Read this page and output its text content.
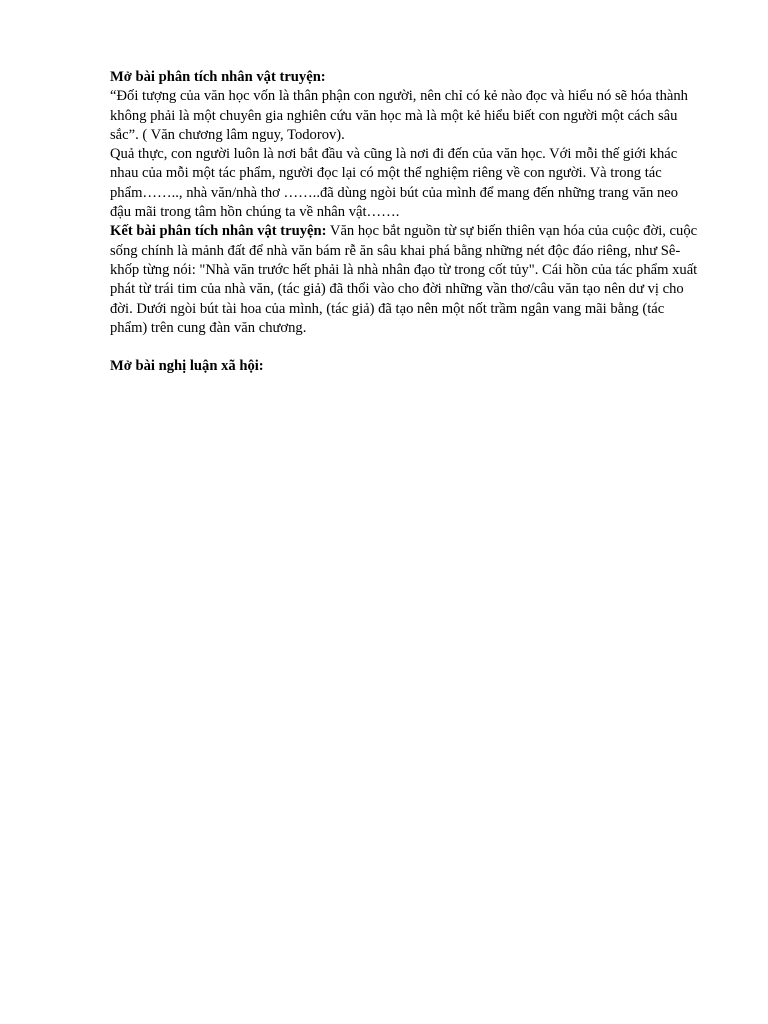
Mở bài phân tích nhân vật truyện:

“Đối tượng của văn học vốn là thân phận con người, nên chỉ có kẻ nào đọc và hiểu nó sẽ hóa thành không phải là một chuyên gia nghiên cứu văn học mà là một kẻ hiểu biết con người một cách sâu sắc”. ( Văn chương lâm nguy, Todorov).

Quả thực, con người luôn là nơi bắt đầu và cũng là nơi đi đến của văn học. Với mỗi thế giới khác nhau của mỗi một tác phẩm, người đọc lại có một thể nghiệm riêng về con người. Và trong tác phẩm…….., nhà văn/nhà thơ ……..đã dùng ngòi bút của mình để mang đến những trang văn neo đậu mãi trong tâm hồn chúng ta về nhân vật…….

Kết bài phân tích nhân vật truyện: Văn học bắt nguồn từ sự biến thiên vạn hóa của cuộc đời, cuộc sống chính là mảnh đất để nhà văn bám rễ ăn sâu khai phá bằng những nét độc đáo riêng, như Sê-khốp từng nói: "Nhà văn trước hết phải là nhà nhân đạo từ trong cốt tủy". Cái hồn của tác phẩm xuất phát từ trái tim của nhà văn, (tác giả) đã thổi vào cho đời những vần thơ/câu văn tạo nên dư vị cho đời. Dưới ngòi bút tài hoa của mình, (tác giả) đã tạo nên một nốt trầm ngân vang mãi bằng (tác phẩm) trên cung đàn văn chương.

Mở bài nghị luận xã hội:
